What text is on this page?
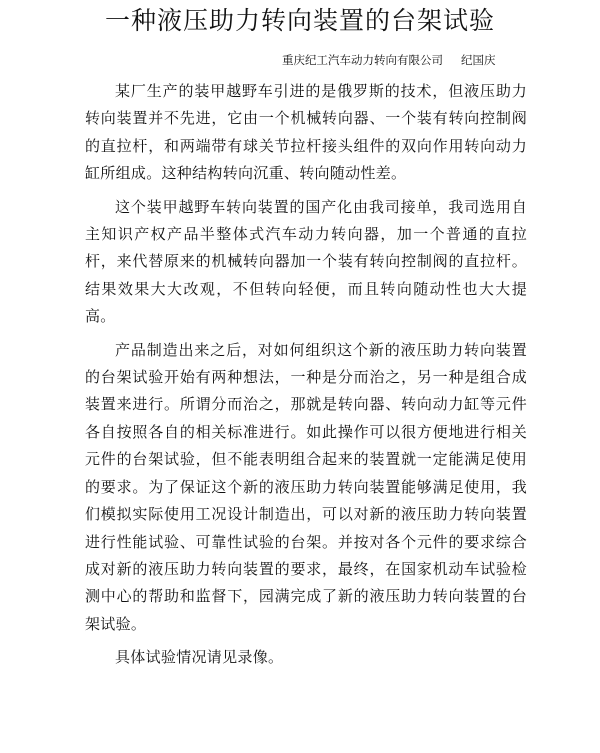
一种液压助力转向装置的台架试验
重庆纪工汽车动力转向有限公司 纪国庆

某厂生产的装甲越野车引进的是俄罗斯的技术，但液压助力转向装置并不先进，它由一个机械转向器、一个装有转向控制阀的直拉杆，和两端带有球关节拉杆接头组件的双向作用转向动力缸所组成。这种结构转向沉重、转向随动性差。

这个装甲越野车转向装置的国产化由我司接单，我司选用自主知识产权产品半整体式汽车动力转向器，加一个普通的直拉杆，来代替原来的机械转向器加一个装有转向控制阀的直拉杆。结果效果大大改观，不但转向轻便，而且转向随动性也大大提高。

产品制造出来之后，对如何组织这个新的液压助力转向装置的台架试验开始有两种想法，一种是分而治之，另一种是组合成装置来进行。所谓分而治之，那就是转向器、转向动力缸等元件各自按照各自的相关标准进行。如此操作可以很方便地进行相关元件的台架试验，但不能表明组合起来的装置就一定能满足使用的要求。为了保证这个新的液压助力转向装置能够满足使用，我们模拟实际使用工况设计制造出，可以对新的液压助力转向装置进行性能试验、可靠性试验的台架。并按对各个元件的要求综合成对新的液压助力转向装置的要求，最终，在国家机动车试验检测中心的帮助和监督下，园满完成了新的液压助力转向装置的台架试验。

具体试验情况请见录像。
